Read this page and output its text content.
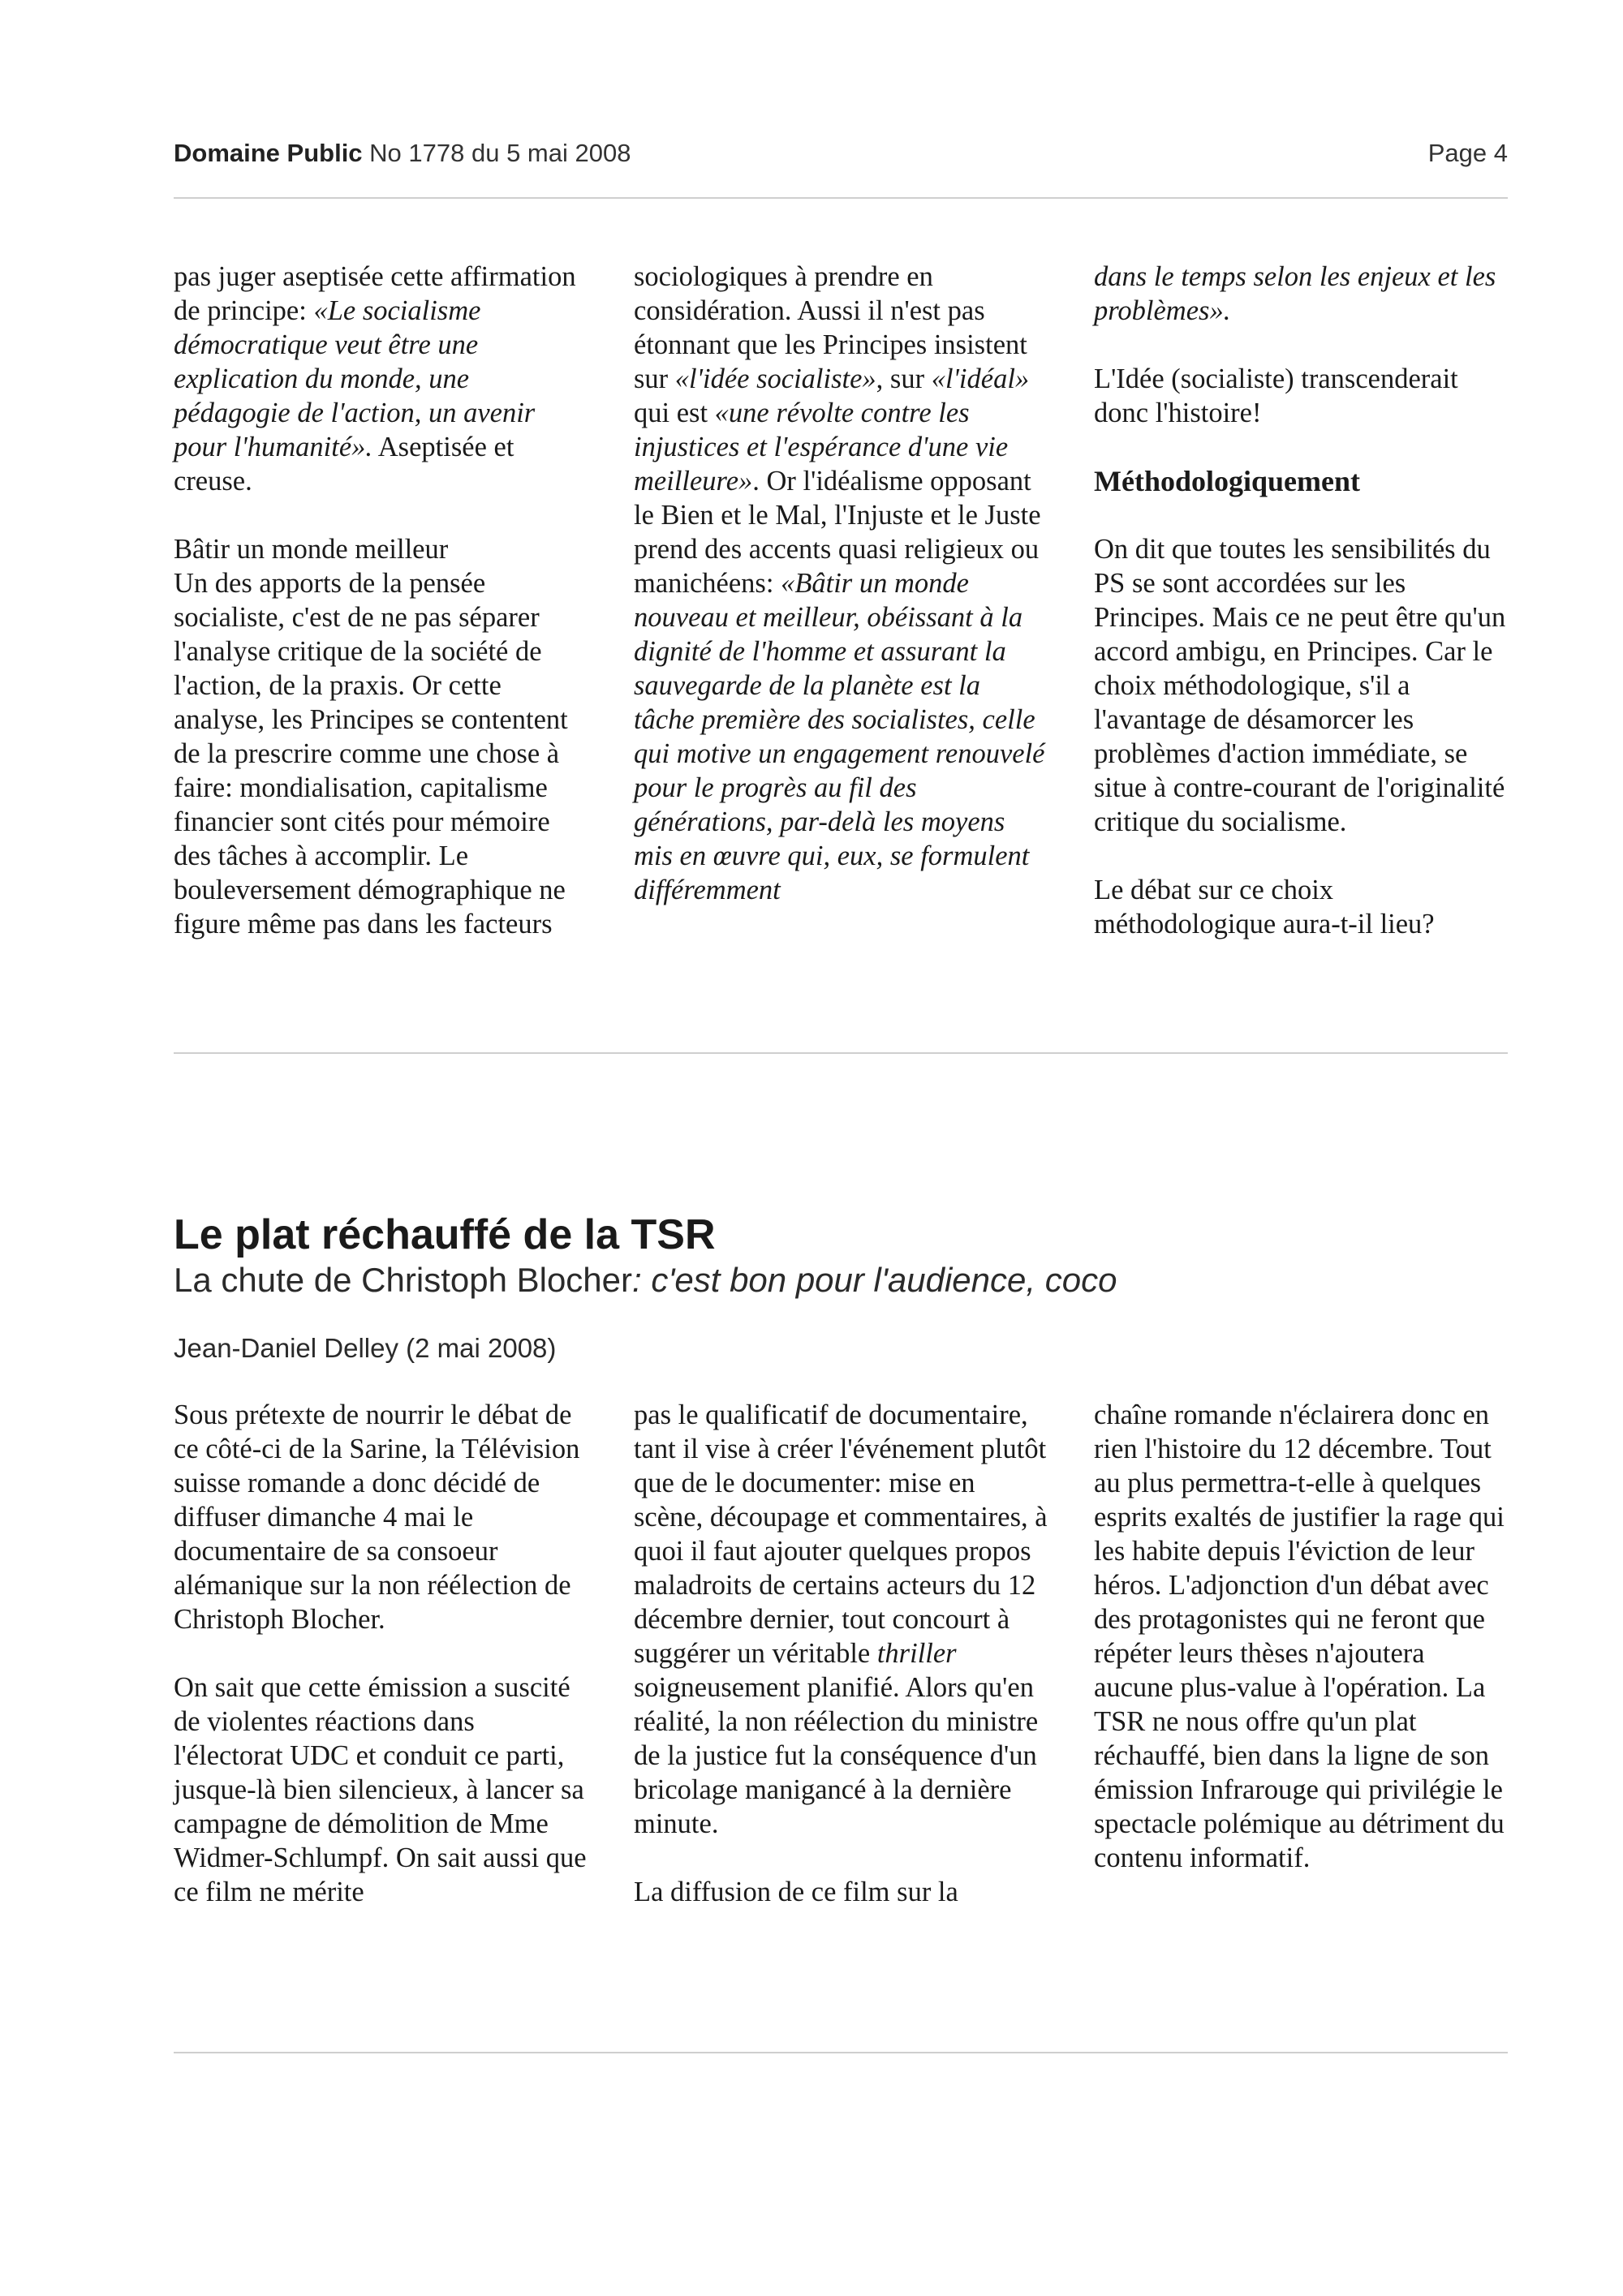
Domaine Public No 1778 du 5 mai 2008	Page 4

pas juger aseptisée cette affirmation de principe: «Le socialisme démocratique veut être une explication du monde, une pédagogie de l'action, un avenir pour l'humanité». Aseptisée et creuse.

Bâtir un monde meilleur
Un des apports de la pensée socialiste, c'est de ne pas séparer l'analyse critique de la société de l'action, de la praxis. Or cette analyse, les Principes se contentent de la prescrire comme une chose à faire: mondialisation, capitalisme financier sont cités pour mémoire des tâches à accomplir. Le bouleversement démographique ne figure même pas dans les facteurs

sociologiques à prendre en considération. Aussi il n'est pas étonnant que les Principes insistent sur «l'idée socialiste», sur «l'idéal» qui est «une révolte contre les injustices et l'espérance d'une vie meilleure». Or l'idéalisme opposant le Bien et le Mal, l'Injuste et le Juste prend des accents quasi religieux ou manichéens: «Bâtir un monde nouveau et meilleur, obéissant à la dignité de l'homme et assurant la sauvegarde de la planète est la tâche première des socialistes, celle qui motive un engagement renouvelé pour le progrès au fil des générations, par-delà les moyens mis en œuvre qui, eux, se formulent différemment

dans le temps selon les enjeux et les problèmes».

L'Idée (socialiste) transcenderait donc l'histoire!

Méthodologiquement

On dit que toutes les sensibilités du PS se sont accordées sur les Principes. Mais ce ne peut être qu'un accord ambigu, en Principes. Car le choix méthodologique, s'il a l'avantage de désamorcer les problèmes d'action immédiate, se situe à contre-courant de l'originalité critique du socialisme.

Le débat sur ce choix méthodologique aura-t-il lieu?

Le plat réchauffé de la TSR
La chute de Christoph Blocher: c'est bon pour l'audience, coco
Jean-Daniel Delley (2 mai 2008)

Sous prétexte de nourrir le débat de ce côté-ci de la Sarine, la Télévision suisse romande a donc décidé de diffuser dimanche 4 mai le documentaire de sa consoeur alémanique sur la non réélection de Christoph Blocher.

On sait que cette émission a suscité de violentes réactions dans l'électorat UDC et conduit ce parti, jusque-là bien silencieux, à lancer sa campagne de démolition de Mme Widmer-Schlumpf. On sait aussi que ce film ne mérite

pas le qualificatif de documentaire, tant il vise à créer l'événement plutôt que de le documenter: mise en scène, découpage et commentaires, à quoi il faut ajouter quelques propos maladroits de certains acteurs du 12 décembre dernier, tout concourt à suggérer un véritable thriller soigneusement planifié. Alors qu'en réalité, la non réélection du ministre de la justice fut la conséquence d'un bricolage manigancé à la dernière minute.

La diffusion de ce film sur la

chaîne romande n'éclairera donc en rien l'histoire du 12 décembre. Tout au plus permettra-t-elle à quelques esprits exaltés de justifier la rage qui les habite depuis l'éviction de leur héros. L'adjonction d'un débat avec des protagonistes qui ne feront que répéter leurs thèses n'ajoutera aucune plus-value à l'opération. La TSR ne nous offre qu'un plat réchauffé, bien dans la ligne de son émission Infrarouge qui privilégie le spectacle polémique au détriment du contenu informatif.
